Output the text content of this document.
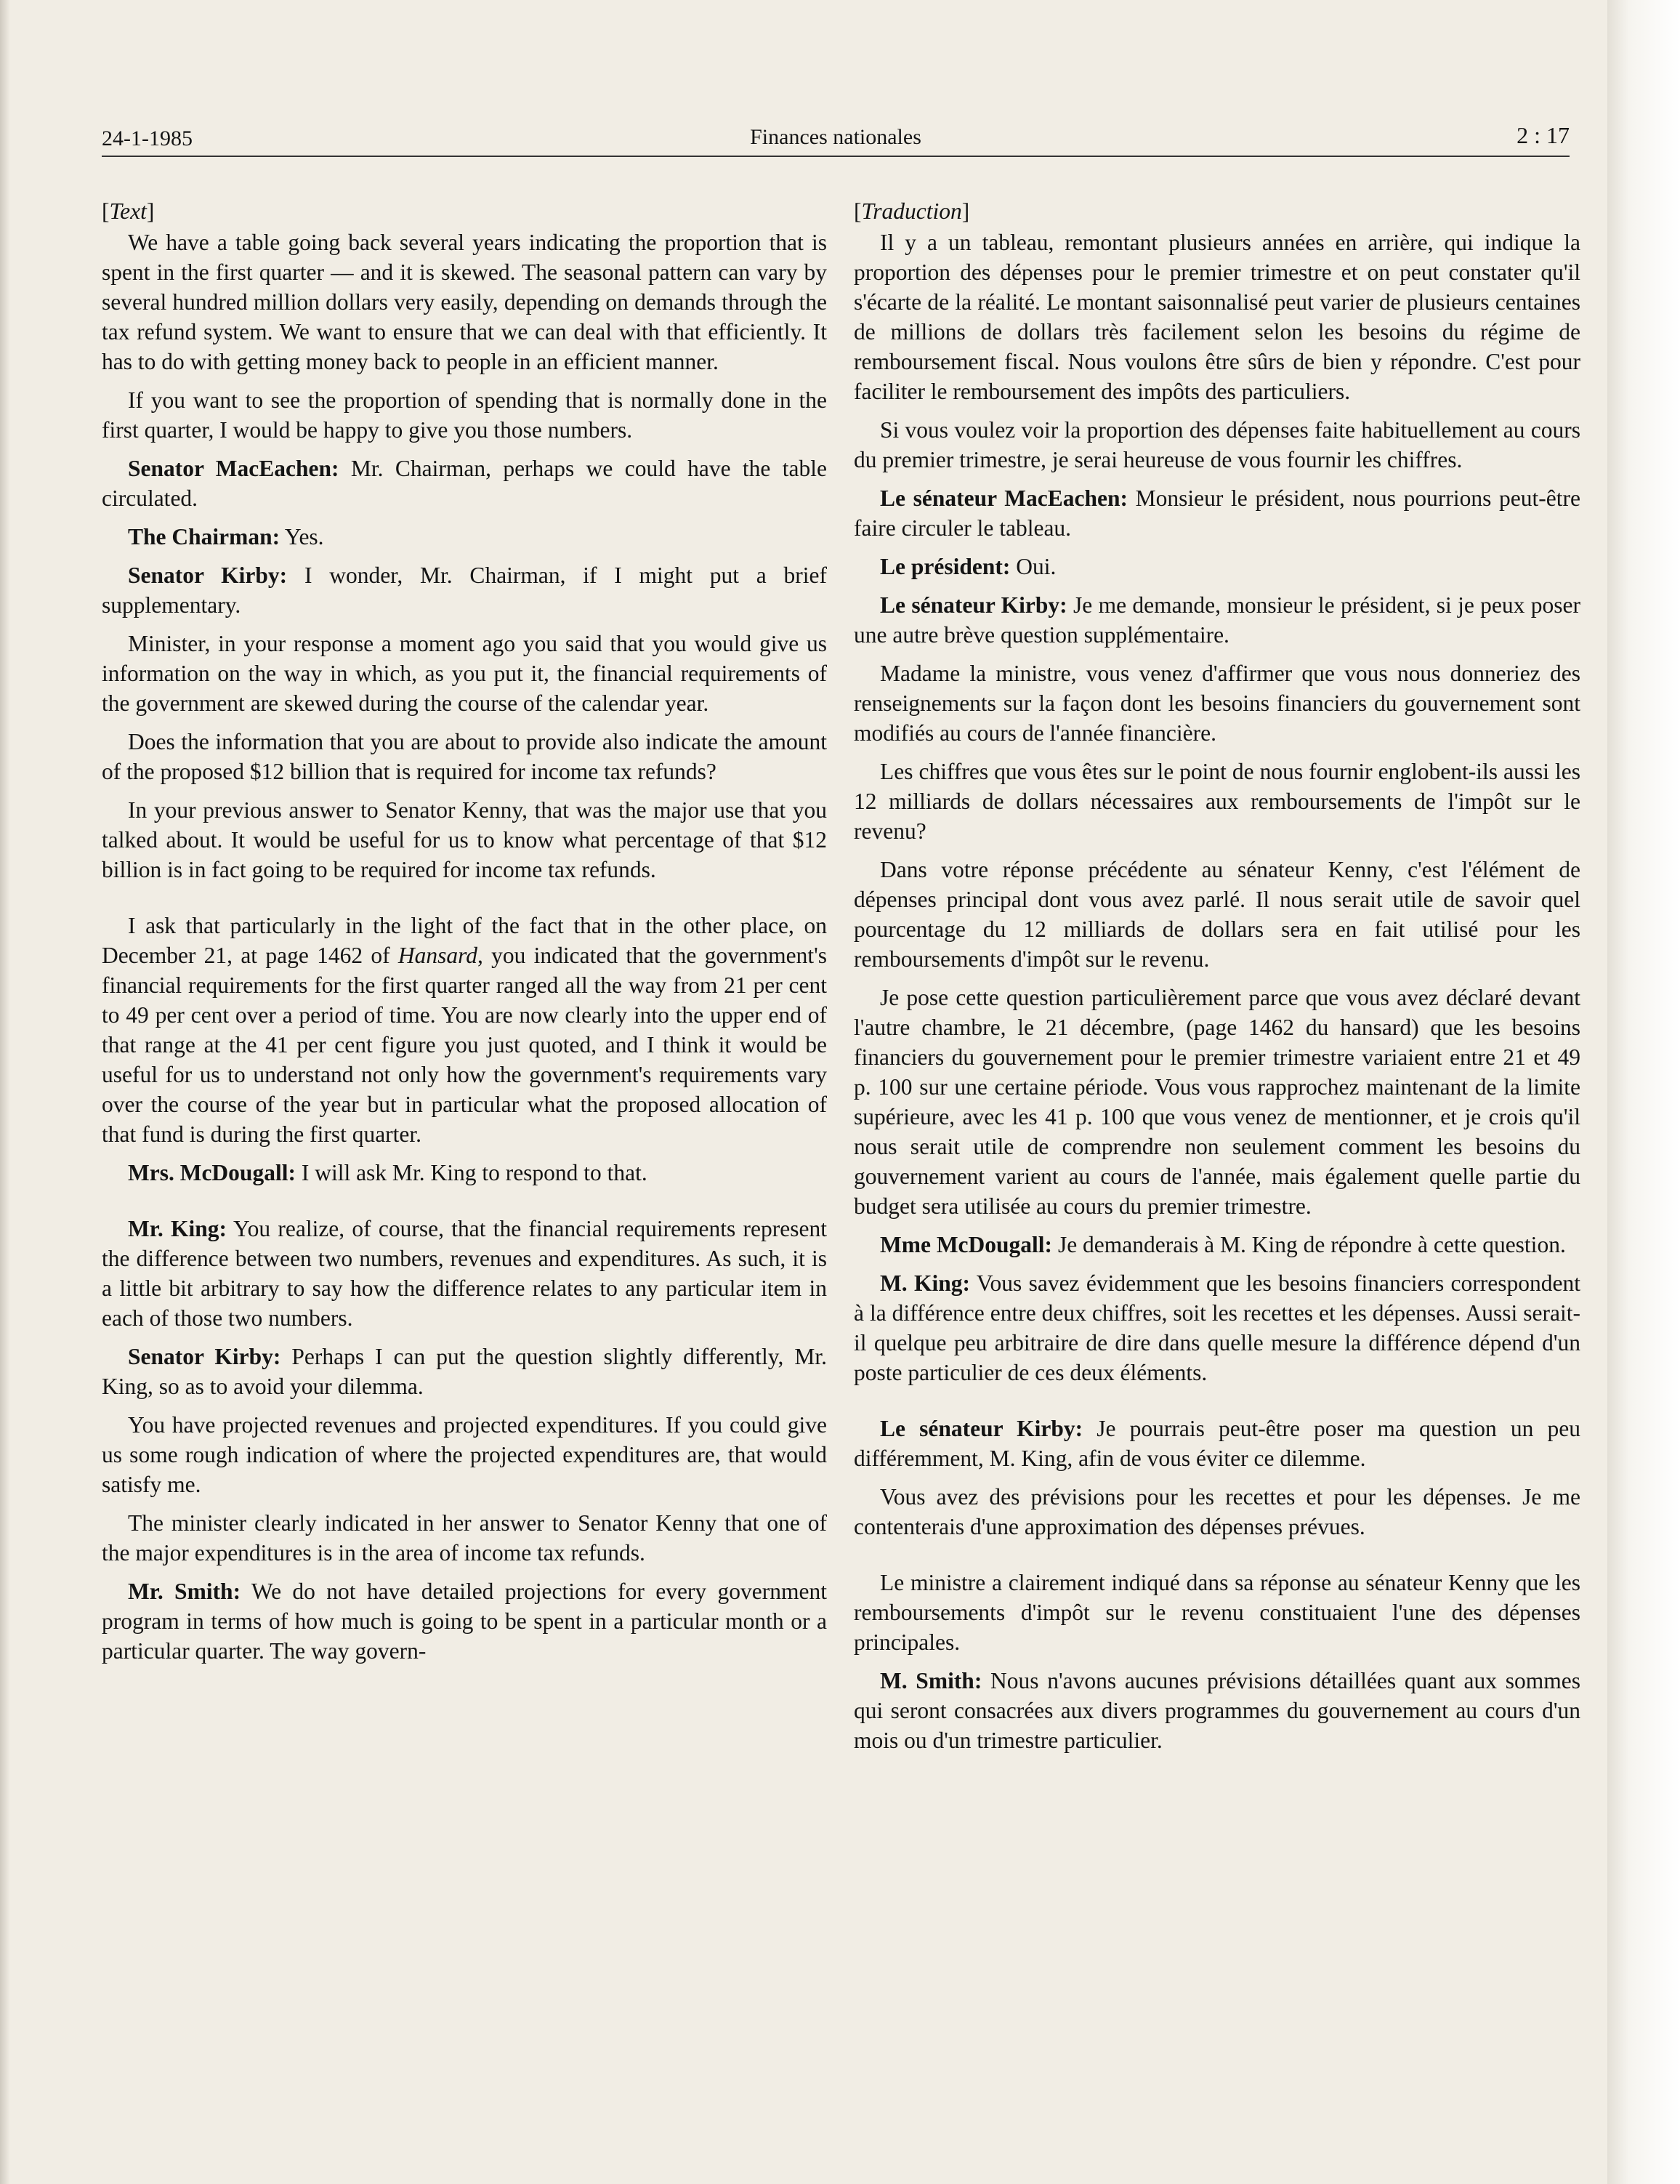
24-1-1985	Finances nationales	2 : 17

[Text]

We have a table going back several years indicating the proportion that is spent in the first quarter — and it is skewed. The seasonal pattern can vary by several hundred million dollars very easily, depending on demands through the tax refund system. We want to ensure that we can deal with that efficiently. It has to do with getting money back to people in an efficient manner.

If you want to see the proportion of spending that is normally done in the first quarter, I would be happy to give you those numbers.

Senator MacEachen: Mr. Chairman, perhaps we could have the table circulated.

The Chairman: Yes.

Senator Kirby: I wonder, Mr. Chairman, if I might put a brief supplementary.

Minister, in your response a moment ago you said that you would give us information on the way in which, as you put it, the financial requirements of the government are skewed during the course of the calendar year.

Does the information that you are about to provide also indicate the amount of the proposed $12 billion that is required for income tax refunds?

In your previous answer to Senator Kenny, that was the major use that you talked about. It would be useful for us to know what percentage of that $12 billion is in fact going to be required for income tax refunds.

I ask that particularly in the light of the fact that in the other place, on December 21, at page 1462 of Hansard, you indicated that the government's financial requirements for the first quarter ranged all the way from 21 per cent to 49 per cent over a period of time. You are now clearly into the upper end of that range at the 41 per cent figure you just quoted, and I think it would be useful for us to understand not only how the government's requirements vary over the course of the year but in particular what the proposed allocation of that fund is during the first quarter.

Mrs. McDougall: I will ask Mr. King to respond to that.

Mr. King: You realize, of course, that the financial requirements represent the difference between two numbers, revenues and expenditures. As such, it is a little bit arbitrary to say how the difference relates to any particular item in each of those two numbers.

Senator Kirby: Perhaps I can put the question slightly differently, Mr. King, so as to avoid your dilemma.

You have projected revenues and projected expenditures. If you could give us some rough indication of where the projected expenditures are, that would satisfy me.

The minister clearly indicated in her answer to Senator Kenny that one of the major expenditures is in the area of income tax refunds.

Mr. Smith: We do not have detailed projections for every government program in terms of how much is going to be spent in a particular month or a particular quarter. The way govern-

[Traduction]

Il y a un tableau, remontant plusieurs années en arrière, qui indique la proportion des dépenses pour le premier trimestre et on peut constater qu'il s'écarte de la réalité. Le montant saisonnalisé peut varier de plusieurs centaines de millions de dollars très facilement selon les besoins du régime de remboursement fiscal. Nous voulons être sûrs de bien y répondre. C'est pour faciliter le remboursement des impôts des particuliers.

Si vous voulez voir la proportion des dépenses faite habituellement au cours du premier trimestre, je serai heureuse de vous fournir les chiffres.

Le sénateur MacEachen: Monsieur le président, nous pourrions peut-être faire circuler le tableau.

Le président: Oui.

Le sénateur Kirby: Je me demande, monsieur le président, si je peux poser une autre brève question supplémentaire.

Madame la ministre, vous venez d'affirmer que vous nous donneriez des renseignements sur la façon dont les besoins financiers du gouvernement sont modifiés au cours de l'année financière.

Les chiffres que vous êtes sur le point de nous fournir englobent-ils aussi les 12 milliards de dollars nécessaires aux remboursements de l'impôt sur le revenu?

Dans votre réponse précédente au sénateur Kenny, c'est l'élément de dépenses principal dont vous avez parlé. Il nous serait utile de savoir quel pourcentage du 12 milliards de dollars sera en fait utilisé pour les remboursements d'impôt sur le revenu.

Je pose cette question particulièrement parce que vous avez déclaré devant l'autre chambre, le 21 décembre, (page 1462 du hansard) que les besoins financiers du gouvernement pour le premier trimestre variaient entre 21 et 49 p. 100 sur une certaine période. Vous vous rapprochez maintenant de la limite supérieure, avec les 41 p. 100 que vous venez de mentionner, et je crois qu'il nous serait utile de comprendre non seulement comment les besoins du gouvernement varient au cours de l'année, mais également quelle partie du budget sera utilisée au cours du premier trimestre.

Mme McDougall: Je demanderais à M. King de répondre à cette question.

M. King: Vous savez évidemment que les besoins financiers correspondent à la différence entre deux chiffres, soit les recettes et les dépenses. Aussi serait-il quelque peu arbitraire de dire dans quelle mesure la différence dépend d'un poste particulier de ces deux éléments.

Le sénateur Kirby: Je pourrais peut-être poser ma question un peu différemment, M. King, afin de vous éviter ce dilemme.

Vous avez des prévisions pour les recettes et pour les dépenses. Je me contenterais d'une approximation des dépenses prévues.

Le ministre a clairement indiqué dans sa réponse au sénateur Kenny que les remboursements d'impôt sur le revenu constituaient l'une des dépenses principales.

M. Smith: Nous n'avons aucunes prévisions détaillées quant aux sommes qui seront consacrées aux divers programmes du gouvernement au cours d'un mois ou d'un trimestre particulier.
